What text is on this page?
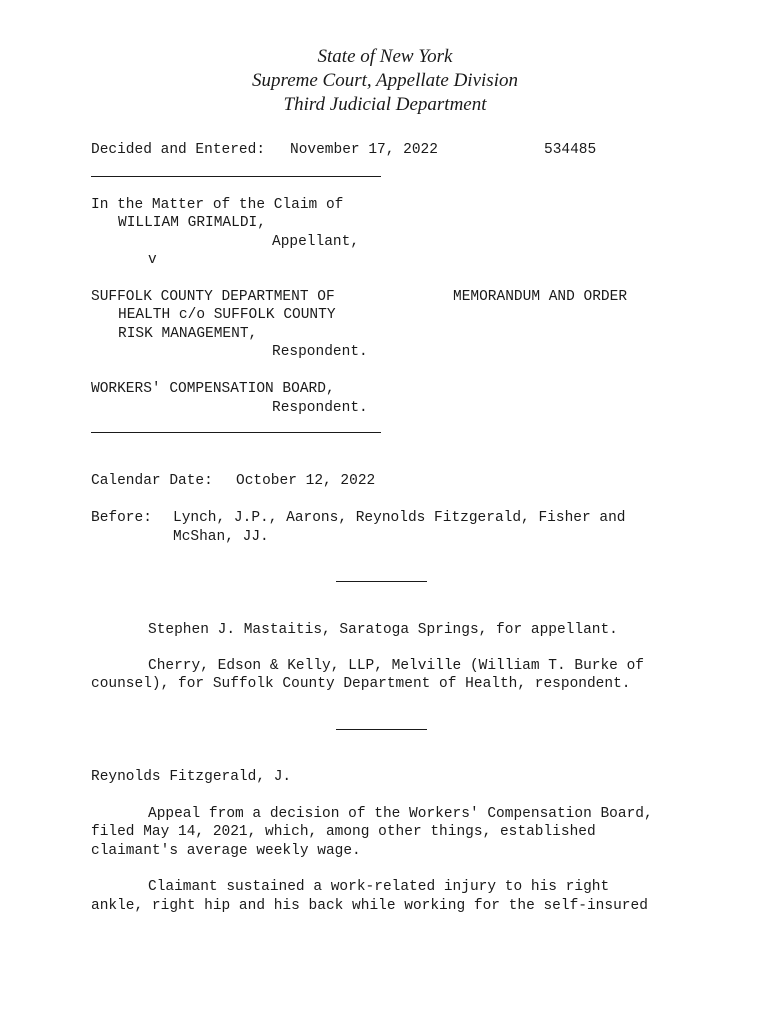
State of New York
Supreme Court, Appellate Division
Third Judicial Department
Decided and Entered: November 17, 2022	534485
In the Matter of the Claim of
WILLIAM GRIMALDI,
Appellant,
v
SUFFOLK COUNTY DEPARTMENT OF	MEMORANDUM AND ORDER
HEALTH c/o SUFFOLK COUNTY
RISK MANAGEMENT,
Respondent.
WORKERS' COMPENSATION BOARD,
Respondent.
Calendar Date: October 12, 2022
Before: Lynch, J.P., Aarons, Reynolds Fitzgerald, Fisher and
McShan, JJ.
Stephen J. Mastaitis, Saratoga Springs, for appellant.
Cherry, Edson & Kelly, LLP, Melville (William T. Burke of
counsel), for Suffolk County Department of Health, respondent.
Reynolds Fitzgerald, J.
Appeal from a decision of the Workers' Compensation Board,
filed May 14, 2021, which, among other things, established
claimant's average weekly wage.
Claimant sustained a work-related injury to his right
ankle, right hip and his back while working for the self-insured
